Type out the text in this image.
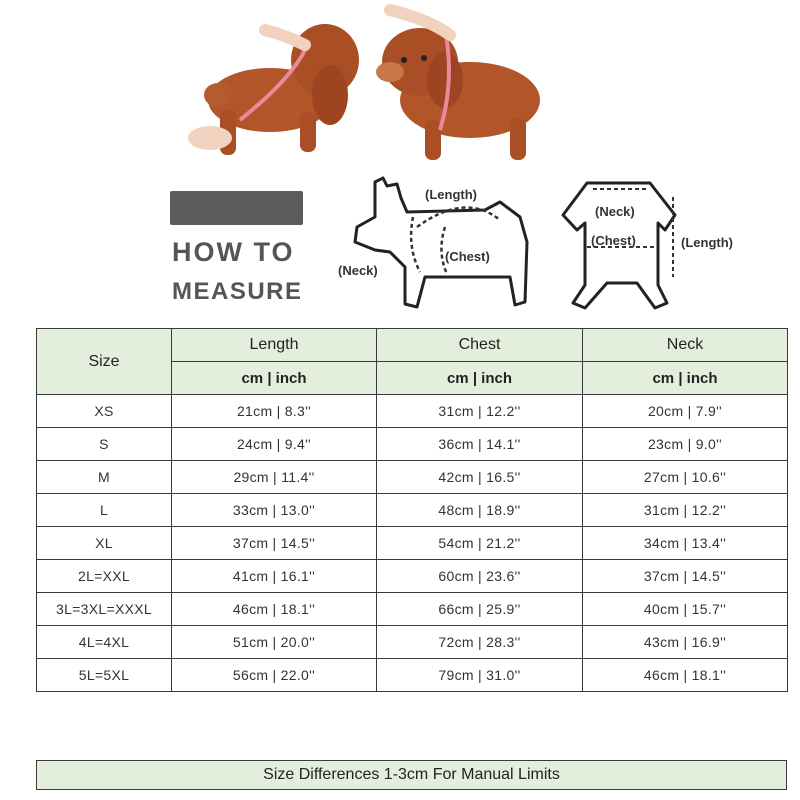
HOW TO
MEASURE
(Length)
(Chest)
(Neck)
(Neck)
(Chest)	(Length)
Size	Length	Chest	Neck
	cm | inch	cm | inch	cm | inch
XS	21cm | 8.3''	31cm | 12.2''	20cm | 7.9''
S	24cm | 9.4''	36cm | 14.1''	23cm | 9.0''
M	29cm | 11.4''	42cm | 16.5''	27cm | 10.6''
L	33cm | 13.0''	48cm | 18.9''	31cm | 12.2''
XL	37cm | 14.5''	54cm | 21.2''	34cm | 13.4''
2L=XXL	41cm | 16.1''	60cm | 23.6''	37cm | 14.5''
3L=3XL=XXXL	46cm | 18.1''	66cm | 25.9''	40cm | 15.7''
4L=4XL	51cm | 20.0''	72cm | 28.3''	43cm | 16.9''
5L=5XL	56cm | 22.0''	79cm | 31.0''	46cm | 18.1''
Size Differences 1-3cm For Manual Limits
